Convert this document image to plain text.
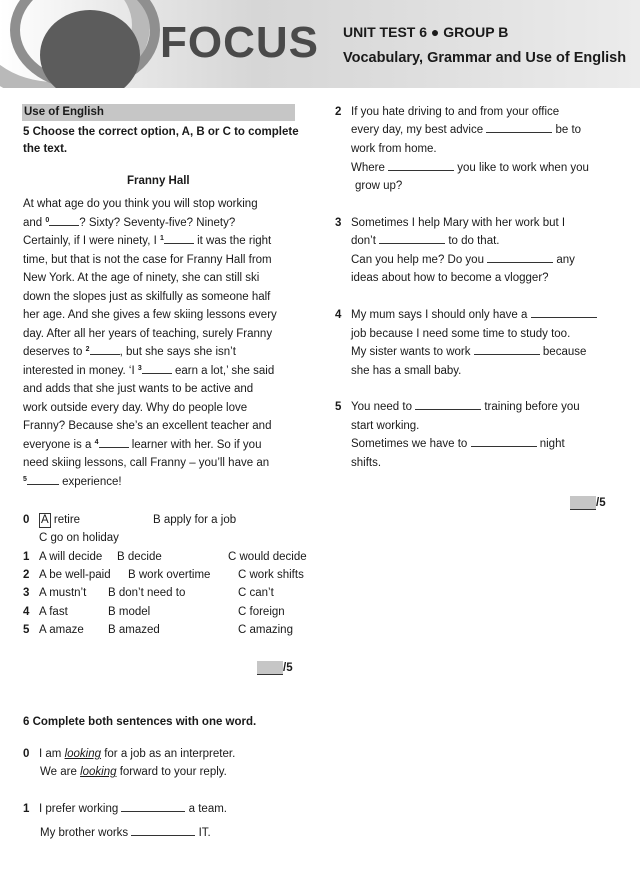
FOCUS UNIT TEST 6 ● GROUP B
Vocabulary, Grammar and Use of English
Use of English
5 Choose the correct option, A, B or C to complete
the text.
Franny Hall
At what age do you think you will stop working
and $^0$	? Sixty? Seventy-five? Ninety?
Certainly, if I were ninety, I $^1$	it was the right
time, but that is not the case for Franny Hall from
New York. At the age of ninety, she can still ski
down the slopes just as skilfully as someone half
her age. And she gives a few skiing lessons every
day. After all her years of teaching, surely Franny
deserves to $^2$	, but she says she isn’t
interested in money. ‘I $^3$	earn a lot,’ she said
and adds that she just wants to be active and
work outside every day. Why do people love
Franny? Because she’s an excellent teacher and
everyone is a $^4$	learner with her. So if you
need skiing lessons, call Franny – you’ll have an
$^5$	experience!
0 A retire	B apply for a job
C go on holiday
1 A will decide B decide	C would decide
2 A be well-paid B work overtime C work shifts
3 A mustn’t B don’t need to	C can’t
4 A fast	B model	C foreign
5 A amaze B amazed	C amazing
/5
6 Complete both sentences with one word.
0 I am looking for a job as an interpreter.
We are looking forward to your reply.
1 I prefer working	a team.
My brother works	IT.
2 If you hate driving to and from your office
every day, my best advice	be to
work from home.
Where	you like to work when you
grow up?
3 Sometimes I help Mary with her work but I
don’t	to do that.
Can you help me? Do you	any
ideas about how to become a vlogger?
4 My mum says I should only have a
job because I need some time to study too.
My sister wants to work	because
she has a small baby.
5 You need to	training before you
start working.
Sometimes we have to	night
shifts.
/5
